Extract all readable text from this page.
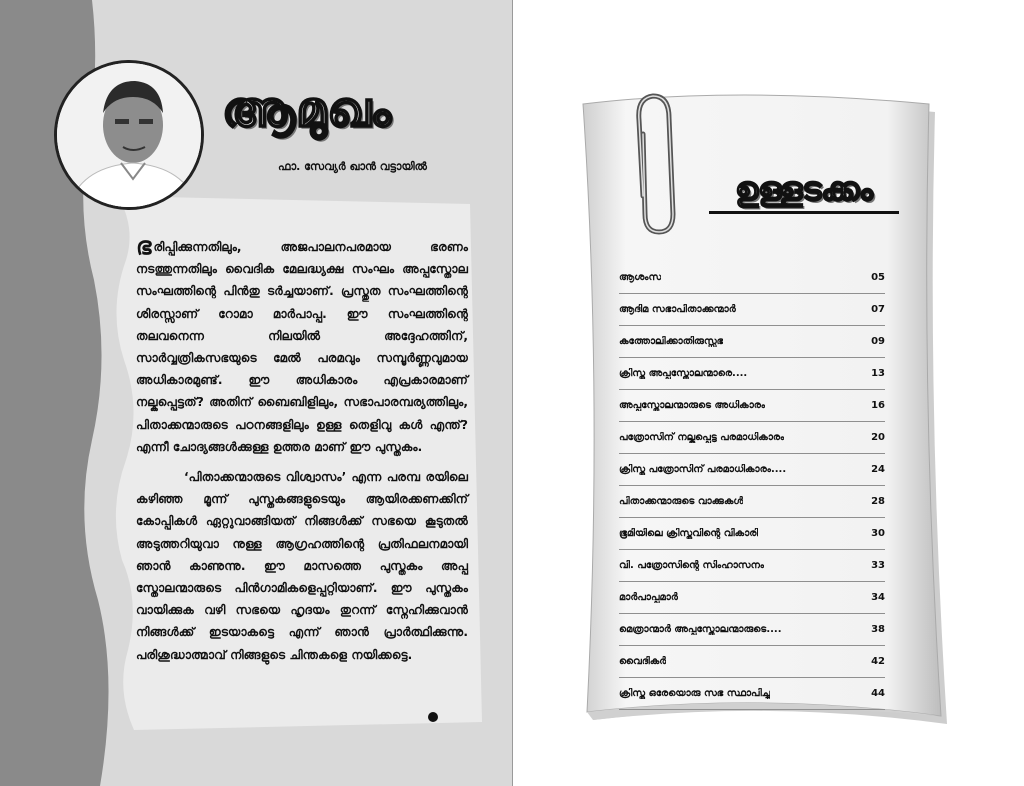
ആമുഖം
ഫാ. സേവ്യർ ഖാൻ വട്ടായിൽ

ഭരിപ്പിക്കുന്നതിലും, അജപാലനപരമായ ഭരണം നടത്തുന്നതിലും വൈദിക മേലദ്ധ്യക്ഷ സംഘം അപ്പസ്തോല സംഘത്തിന്റെ പിൻതു ടർച്ചയാണ്. പ്രസ്തുത സംഘത്തിന്റെ ശിരസ്സാണ് റോമാ മാർപാപ്പ. ഈ സംഘത്തിന്റെ തലവനെന്ന നിലയിൽ അദ്ദേഹത്തിന്, സാർവ്വത്രികസഭയുടെ മേൽ പരമവും സമ്പൂർണ്ണവുമായ അധികാരമുണ്ട്. ഈ അധികാരം എപ്രകാരമാണ് നല്കപ്പെട്ടത്? അതിന് ബൈബിളിലും, സഭാപാരമ്പര്യത്തിലും, പിതാക്കന്മാരുടെ പഠനങ്ങളിലും ഉള്ള തെളിവു കൾ എന്ത്? എന്നീ ചോദ്യങ്ങൾക്കുള്ള ഉത്തര മാണ് ഈ പുസ്തകം.

‘പിതാക്കന്മാരുടെ വിശ്വാസം’ എന്ന പരമ്പ രയിലെ കഴിഞ്ഞ മൂന്ന് പുസ്തകങ്ങളുടെയും ആയിരക്കണക്കിന് കോപ്പികൾ ഏറ്റുവാങ്ങിയത് നിങ്ങൾക്ക് സഭയെ കൂടുതൽ അടുത്തറിയുവാ നുള്ള ആഗ്രഹത്തിന്റെ പ്രതിഫലനമായി ഞാൻ കാണുന്നു. ഈ മാസത്തെ പുസ്തകം അപ്പ സ്തോലന്മാരുടെ പിൻഗാമികളെപ്പറ്റിയാണ്. ഈ പുസ്തകം വായിക്കുക വഴി സഭയെ ഹൃദയം തുറന്ന് സ്നേഹിക്കുവാൻ നിങ്ങൾക്ക് ഇടയാകട്ടെ എന്ന് ഞാൻ പ്രാർത്ഥിക്കുന്നു. പരിശുദ്ധാത്മാവ് നിങ്ങളുടെ ചിന്തകളെ നയിക്കട്ടെ.

ഉള്ളടക്കം
ആശംസ	05
ആദിമ സഭാപിതാക്കന്മാർ	07
കത്തോലിക്കാതിരുസ്സഭ	09
ക്രിസ്തു അപ്പസ്തോലന്മാരെ....	13
അപ്പസ്തോലന്മാരുടെ അധികാരം	16
പത്രോസിന് നല്കപ്പെട്ട പരമാധികാരം	20
ക്രിസ്തു പത്രോസിന് പരമാധികാരം....	24
പിതാക്കന്മാരുടെ വാക്കുകൾ	28
ഭൂമിയിലെ ക്രിസ്തുവിന്റെ വികാരി	30
വി. പത്രോസിന്റെ സിംഹാസനം	33
മാർപാപ്പമാർ	34
മെത്രാന്മാർ അപ്പസ്തോലന്മാരുടെ....	38
വൈദികർ	42
ക്രിസ്തു ഒരേയൊരു സഭ സ്ഥാപിച്ചു	44
